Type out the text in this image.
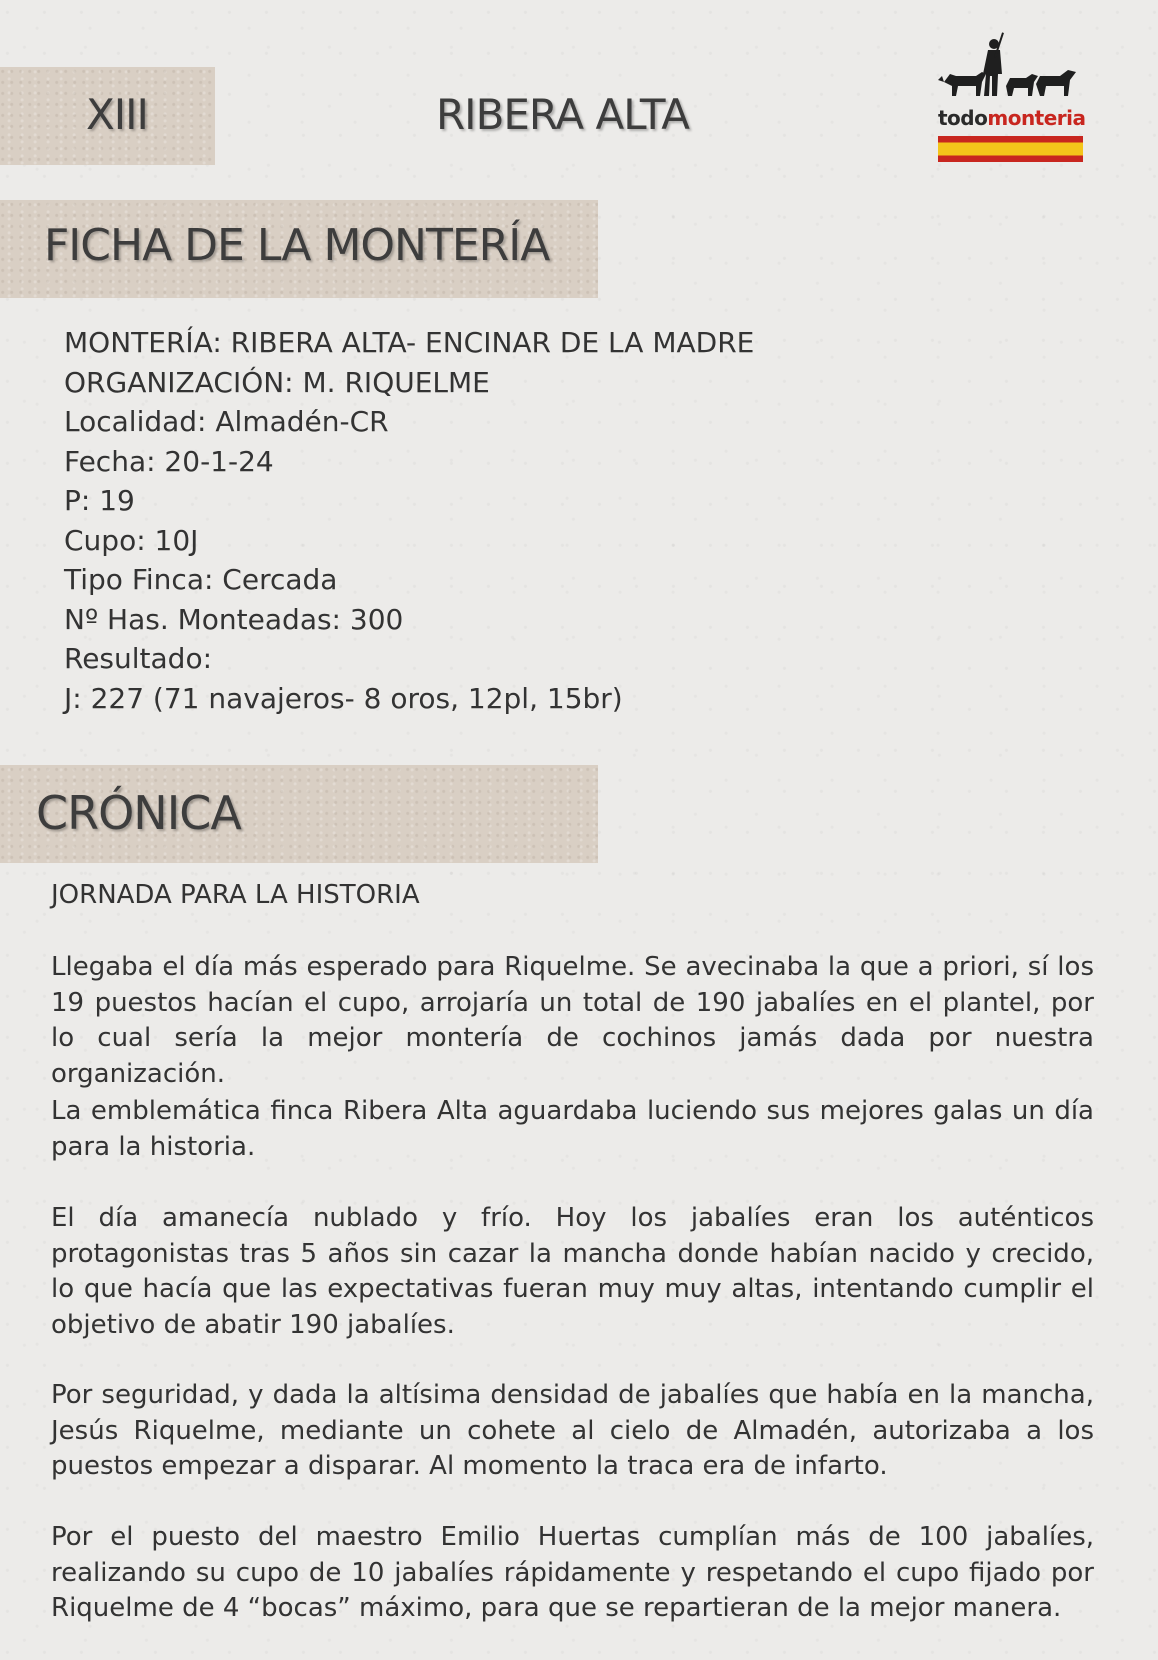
XIII	RIBERA ALTA	todomonteria
FICHA DE LA MONTERÍA
MONTERÍA: RIBERA ALTA- ENCINAR DE LA MADRE
ORGANIZACIÓN: M. RIQUELME
Localidad: Almadén-CR
Fecha: 20-1-24
P: 19
Cupo: 10J
Tipo Finca: Cercada
Nº Has. Monteadas: 300
Resultado:
J: 227 (71 navajeros- 8 oros, 12pl, 15br)
CRÓNICA
JORNADA PARA LA HISTORIA

Llegaba el día más esperado para Riquelme. Se avecinaba la que a priori, sí los 19 puestos hacían el cupo, arrojaría un total de 190 jabalíes en el plantel, por lo cual sería la mejor montería de cochinos jamás dada por nuestra organización.

La emblemática finca Ribera Alta aguardaba luciendo sus mejores galas un día para la historia.

El día amanecía nublado y frío. Hoy los jabalíes eran los auténticos protagonistas tras 5 años sin cazar la mancha donde habían nacido y crecido, lo que hacía que las expectativas fueran muy muy altas, intentando cumplir el objetivo de abatir 190 jabalíes.

Por seguridad, y dada la altísima densidad de jabalíes que había en la mancha, Jesús Riquelme, mediante un cohete al cielo de Almadén, autorizaba a los puestos empezar a disparar. Al momento la traca era de infarto.

Por el puesto del maestro Emilio Huertas cumplían más de 100 jabalíes, realizando su cupo de 10 jabalíes rápidamente y respetando el cupo fijado por Riquelme de 4 “bocas” máximo, para que se repartieran de la mejor manera.
